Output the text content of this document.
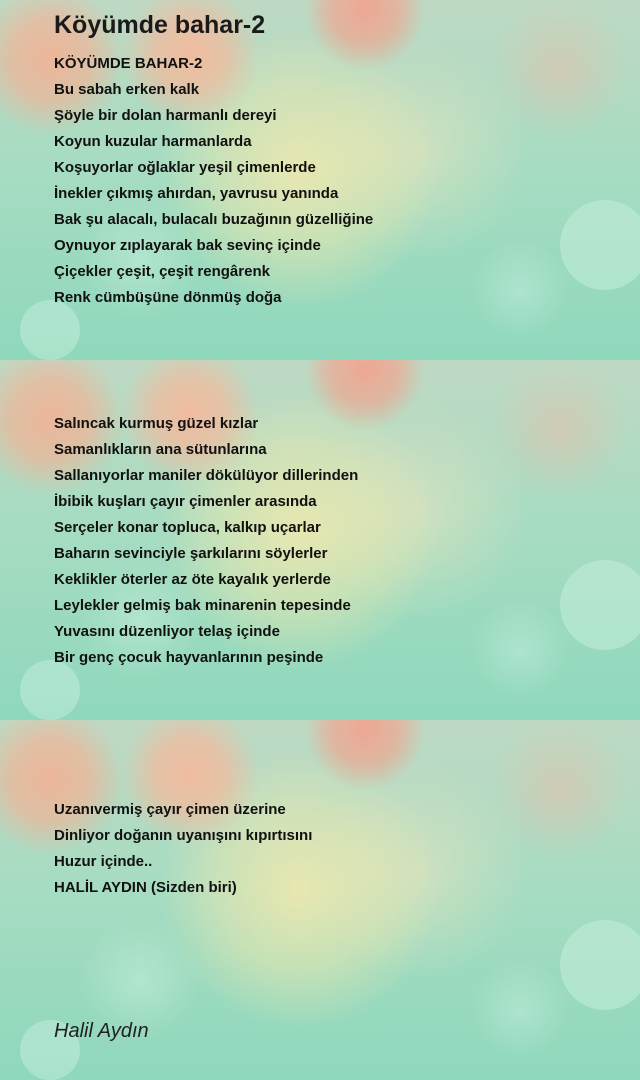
Köyümde bahar-2
KÖYÜMDE BAHAR-2
Bu sabah erken kalk
Şöyle bir dolan harmanlı dereyi
Koyun kuzular harmanlarda
Koşuyorlar oğlaklar yeşil çimenlerde
İnekler çıkmış ahırdan, yavrusu yanında
Bak şu alacalı, bulacalı buzağının güzelliğine
Oynuyor zıplayarak bak sevinç içinde
Çiçekler çeşit, çeşit rengârenk
Renk cümbüşüne dönmüş doğa
Salıncak kurmuş güzel kızlar
Samanlıkların ana sütunlarına
Sallanıyorlar maniler dökülüyor dillerinden
İbibik kuşları çayır çimenler arasında
Serçeler konar topluca, kalkıp uçarlar
Baharın sevinciyle şarkılarını söylerler
Keklikler öterler az öte kayalık yerlerde
Leylekler gelmiş bak minarenin tepesinde
Yuvasını düzenliyor telaş içinde
Bir genç çocuk hayvanlarının peşinde
Uzanıvermiş çayır çimen üzerine
Dinliyor doğanın uyanışını kıpırtısını
Huzur içinde..
HALİL AYDIN (Sizden biri)
Halil Aydın
